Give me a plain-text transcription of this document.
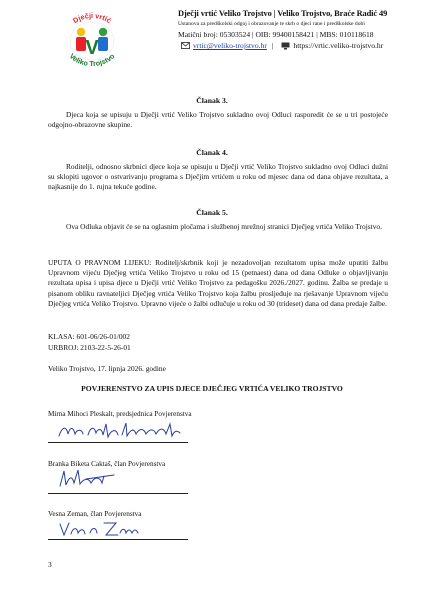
Dječji vrtić
Veliko Trojstvo
V
Dječji vrtić Veliko Trojstvo | Veliko Trojstvo, Braće Radić 49
Ustanova za predškolski odgoj i obrazovanje te skrb o djeci rane i predškolske dobi
Matični broj: 05303524 | OIB: 99400158421 | MBS: 010118618
vrtic@veliko-trojstvo.hr |	https://vrtic.veliko-trojstvo.hr
Članak 3.
Djeca koja se upisuju u Dječji vrtić Veliko Trojstvo sukladno ovoj Odluci rasporedit će se u tri postojeće odgojno-obrazovne skupine.
Članak 4.
Roditelji, odnosno skrbnici djece koja se upisuju u Dječji vrtić Veliko Trojstvo sukladno ovoj Odluci dužni su sklopiti ugovor o ostvarivanju programa s Dječjim vrtićem u roku od mjesec dana od dana objave rezultata, a najkasnije do 1. rujna tekuće godine.
Članak 5.
Ova Odluka objavit će se na oglasnim pločama i službenoj mrežnoj stranici Dječjeg vrtića Veliko Trojstvo.
UPUTA O PRAVNOM LIJEKU: Roditelj/skrbnik koji je nezadovoljan rezultatom upisa može uputiti žalbu Upravnom vijeću Dječjeg vrtića Veliko Trojstvo u roku od 15 (petnaest) dana od dana Odluke o objavljivanju rezultata upisa i upisa djece u Dječji vrtić Veliko Trojstvo za pedagošku 2026./2027. godinu. Žalba se predaje u pisanom obliku ravnateljici Dječjeg vrtića Veliko Trojstvo koja žalbu prosljeđuje na rješavanje Upravnom vijeću Dječjeg vrtića Veliko Trojstvo. Upravno vijeće o žalbi odlučuje u roku od 30 (trideset) dana od dana predaje žalbe.
KLASA: 601-06/26-01/002
URBROJ: 2103-22-5-26-01
Veliko Trojstvo, 17. lipnja 2026. godine
POVJERENSTVO ZA UPIS DJECE DJEČJEG VRTIĆA VELIKO TROJSTVO
Mirna Mihoci Pleskalt, predsjednica Povjerenstva
Branka Biketa Caktaš, član Povjerenstva
Vesna Zeman, član Povjerenstva
3
